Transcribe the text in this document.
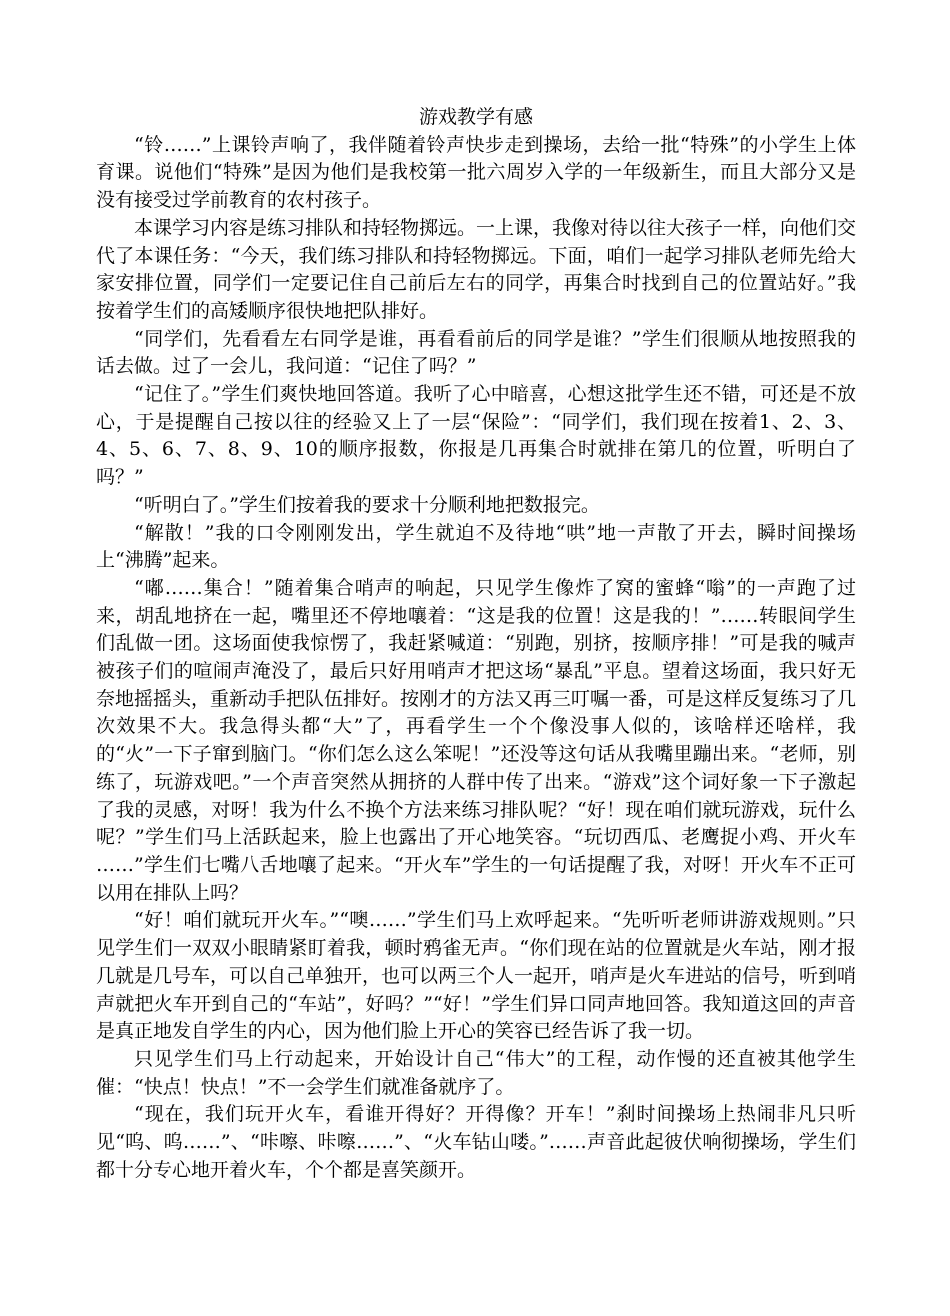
游戏教学有感

“铃……”上课铃声响了，我伴随着铃声快步走到操场，去给一批“特殊”的小学生上体育课。说他们“特殊”是因为他们是我校第一批六周岁入学的一年级新生，而且大部分又是没有接受过学前教育的农村孩子。

本课学习内容是练习排队和持轻物掷远。一上课，我像对待以往大孩子一样，向他们交代了本课任务：“今天，我们练习排队和持轻物掷远。下面，咱们一起学习排队老师先给大家安排位置，同学们一定要记住自己前后左右的同学，再集合时找到自己的位置站好。”我按着学生们的高矮顺序很快地把队排好。

“同学们，先看看左右同学是谁，再看看前后的同学是谁？”学生们很顺从地按照我的话去做。过了一会儿，我问道：“记住了吗？”

“记住了。”学生们爽快地回答道。我听了心中暗喜，心想这批学生还不错，可还是不放心，于是提醒自己按以往的经验又上了一层“保险”：“同学们，我们现在按着1、2、3、4、5、6、7、8、9、10的顺序报数，你报是几再集合时就排在第几的位置，听明白了吗？”

“听明白了。”学生们按着我的要求十分顺利地把数报完。

“解散！”我的口令刚刚发出，学生就迫不及待地“哄”地一声散了开去，瞬时间操场上“沸腾”起来。

“嘟……集合！”随着集合哨声的响起，只见学生像炸了窝的蜜蜂“嗡”的一声跑了过来，胡乱地挤在一起，嘴里还不停地嚷着：“这是我的位置！这是我的！”……转眼间学生们乱做一团。这场面使我惊愣了，我赶紧喊道：“别跑，别挤，按顺序排！”可是我的喊声被孩子们的喧闹声淹没了，最后只好用哨声才把这场“暴乱”平息。望着这场面，我只好无奈地摇摇头，重新动手把队伍排好。按刚才的方法又再三叮嘱一番，可是这样反复练习了几次效果不大。我急得头都“大”了，再看学生一个个像没事人似的，该啥样还啥样，我的“火”一下子窜到脑门。“你们怎么这么笨呢！”还没等这句话从我嘴里蹦出来。“老师，别练了，玩游戏吧。”一个声音突然从拥挤的人群中传了出来。“游戏”这个词好象一下子激起了我的灵感，对呀！我为什么不换个方法来练习排队呢？“好！现在咱们就玩游戏，玩什么呢？”学生们马上活跃起来，脸上也露出了开心地笑容。“玩切西瓜、老鹰捉小鸡、开火车 ……”学生们七嘴八舌地嚷了起来。“开火车”学生的一句话提醒了我，对呀！开火车不正可以用在排队上吗？

“好！咱们就玩开火车。”“噢……”学生们马上欢呼起来。“先听听老师讲游戏规则。”只见学生们一双双小眼睛紧盯着我，顿时鸦雀无声。“你们现在站的位置就是火车站，刚才报几就是几号车，可以自己单独开，也可以两三个人一起开，哨声是火车进站的信号，听到哨声就把火车开到自己的“车站”，好吗？”“好！”学生们异口同声地回答。我知道这回的声音是真正地发自学生的内心，因为他们脸上开心的笑容已经告诉了我一切。

只见学生们马上行动起来，开始设计自己“伟大”的工程，动作慢的还直被其他学生催：“快点！快点！”不一会学生们就准备就序了。

“现在，我们玩开火车，看谁开得好？开得像？开车！”刹时间操场上热闹非凡只听见“呜、呜……”、“咔嚓、咔嚓……”、“火车钻山喽。”……声音此起彼伏响彻操场，学生们都十分专心地开着火车，个个都是喜笑颜开。
